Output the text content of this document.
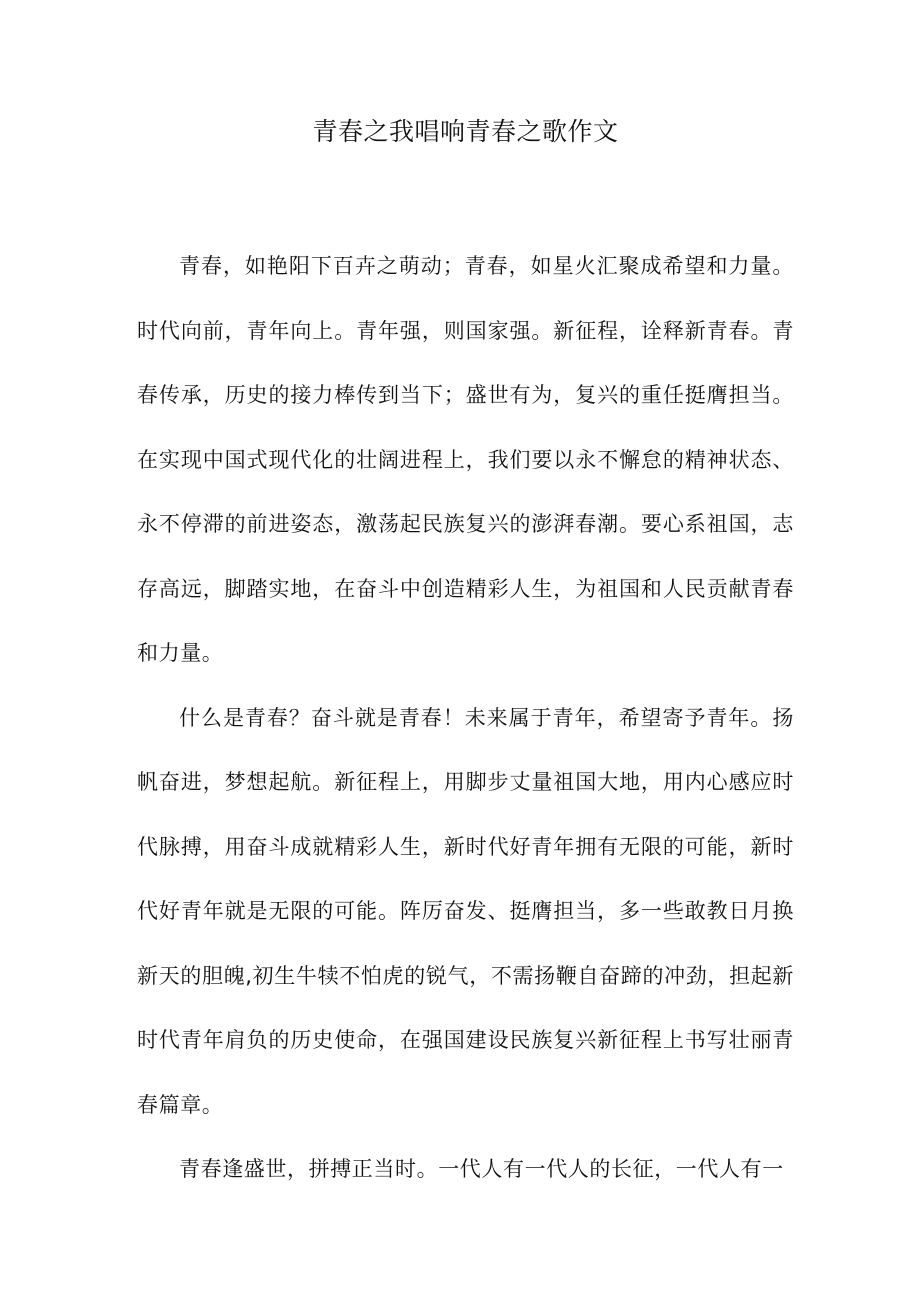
青春之我唱响青春之歌作文

青春，如艳阳下百卉之萌动；青春，如星火汇聚成希望和力量。时代向前，青年向上。青年强，则国家强。新征程，诠释新青春。青春传承，历史的接力棒传到当下；盛世有为，复兴的重任挺膺担当。在实现中国式现代化的壮阔进程上，我们要以永不懈怠的精神状态、永不停滞的前进姿态，激荡起民族复兴的澎湃春潮。要心系祖国，志存高远，脚踏实地，在奋斗中创造精彩人生，为祖国和人民贡献青春和力量。

什么是青春？奋斗就是青春！未来属于青年，希望寄予青年。扬帆奋进，梦想起航。新征程上，用脚步丈量祖国大地，用内心感应时代脉搏，用奋斗成就精彩人生，新时代好青年拥有无限的可能，新时代好青年就是无限的可能。阵厉奋发、挺膺担当，多一些敢教日月换新天的胆魄,初生牛犊不怕虎的锐气，不需扬鞭自奋蹄的冲劲，担起新时代青年肩负的历史使命，在强国建设民族复兴新征程上书写壮丽青春篇章。

青春逢盛世，拼搏正当时。一代人有一代人的长征，一代人有一
